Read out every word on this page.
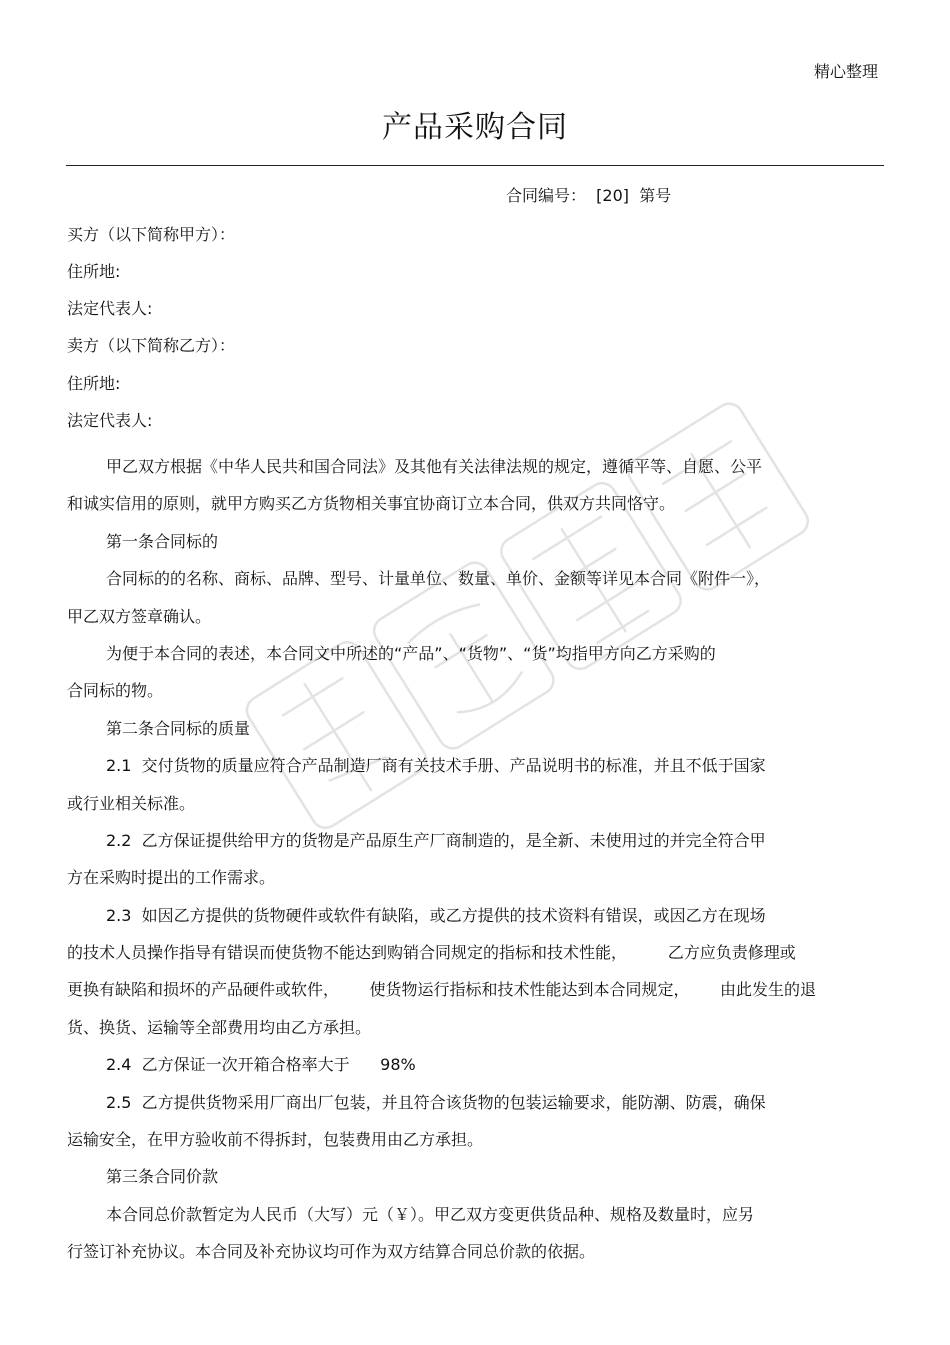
精心整理
产品采购合同
合同编号：  [20]  第号
买方（以下简称甲方）：
住所地:
法定代表人:
卖方（以下简称乙方）：
住所地:
法定代表人:
甲乙双方根据《中华人民共和国合同法》及其他有关法律法规的规定，遵循平等、自愿、公平
和诚实信用的原则，就甲方购买乙方货物相关事宜协商订立本合同，供双方共同恪守。
第一条合同标的
合同标的的名称、商标、品牌、型号、计量单位、数量、单价、金额等详见本合同《附件一》，
甲乙双方签章确认。
为便于本合同的表述，本合同文中所述的“产品”、“货物”、“货”均指甲方向乙方采购的
合同标的物。
第二条合同标的质量
2.1  交付货物的质量应符合产品制造厂商有关技术手册、产品说明书的标准，并且不低于国家
或行业相关标准。
2.2  乙方保证提供给甲方的货物是产品原生产厂商制造的，是全新、未使用过的并完全符合甲
方在采购时提出的工作需求。
2.3  如因乙方提供的货物硬件或软件有缺陷，或乙方提供的技术资料有错误，或因乙方在现场
的技术人员操作指导有错误而使货物不能达到购销合同规定的指标和技术性能，        乙方应负责修理或
更换有缺陷和损坏的产品硬件或软件，      使货物运行指标和技术性能达到本合同规定，      由此发生的退
货、换货、运输等全部费用均由乙方承担。
2.4  乙方保证一次开箱合格率大于      98%
2.5  乙方提供货物采用厂商出厂包装，并且符合该货物的包装运输要求，能防潮、防震，确保
运输安全，在甲方验收前不得拆封，包装费用由乙方承担。
第三条合同价款
本合同总价款暂定为人民币（大写）元（￥）。甲乙双方变更供货品种、规格及数量时，应另
行签订补充协议。本合同及补充协议均可作为双方结算合同总价款的依据。
